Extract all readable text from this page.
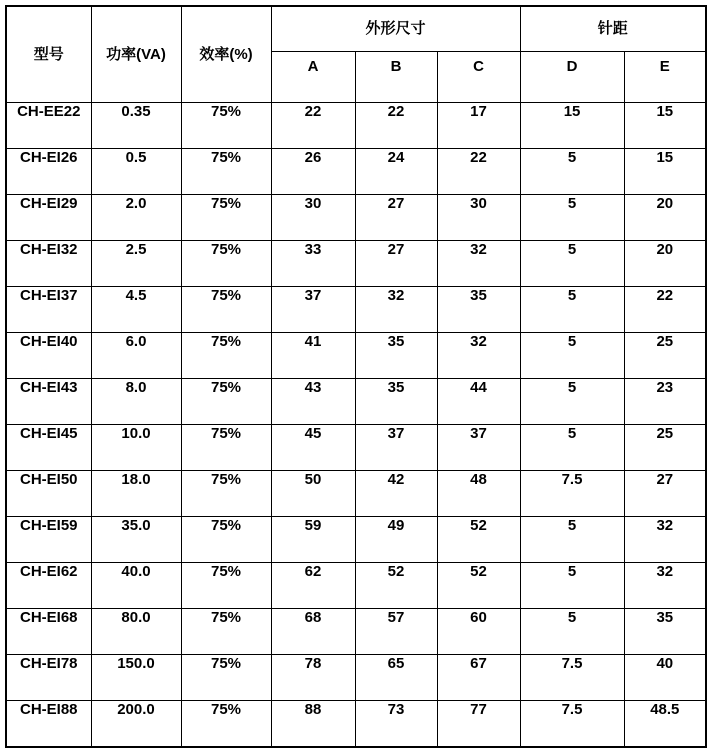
型号	功率(VA)	效率(%)	外形尺寸			针距	
			A	B	C	D	E
CH-EE22	0.35	75%	22	22	17	15	15
CH-EI26	0.5	75%	26	24	22	5	15
CH-EI29	2.0	75%	30	27	30	5	20
CH-EI32	2.5	75%	33	27	32	5	20
CH-EI37	4.5	75%	37	32	35	5	22
CH-EI40	6.0	75%	41	35	32	5	25
CH-EI43	8.0	75%	43	35	44	5	23
CH-EI45	10.0	75%	45	37	37	5	25
CH-EI50	18.0	75%	50	42	48	7.5	27
CH-EI59	35.0	75%	59	49	52	5	32
CH-EI62	40.0	75%	62	52	52	5	32
CH-EI68	80.0	75%	68	57	60	5	35
CH-EI78	150.0	75%	78	65	67	7.5	40
CH-EI88	200.0	75%	88	73	77	7.5	48.5
